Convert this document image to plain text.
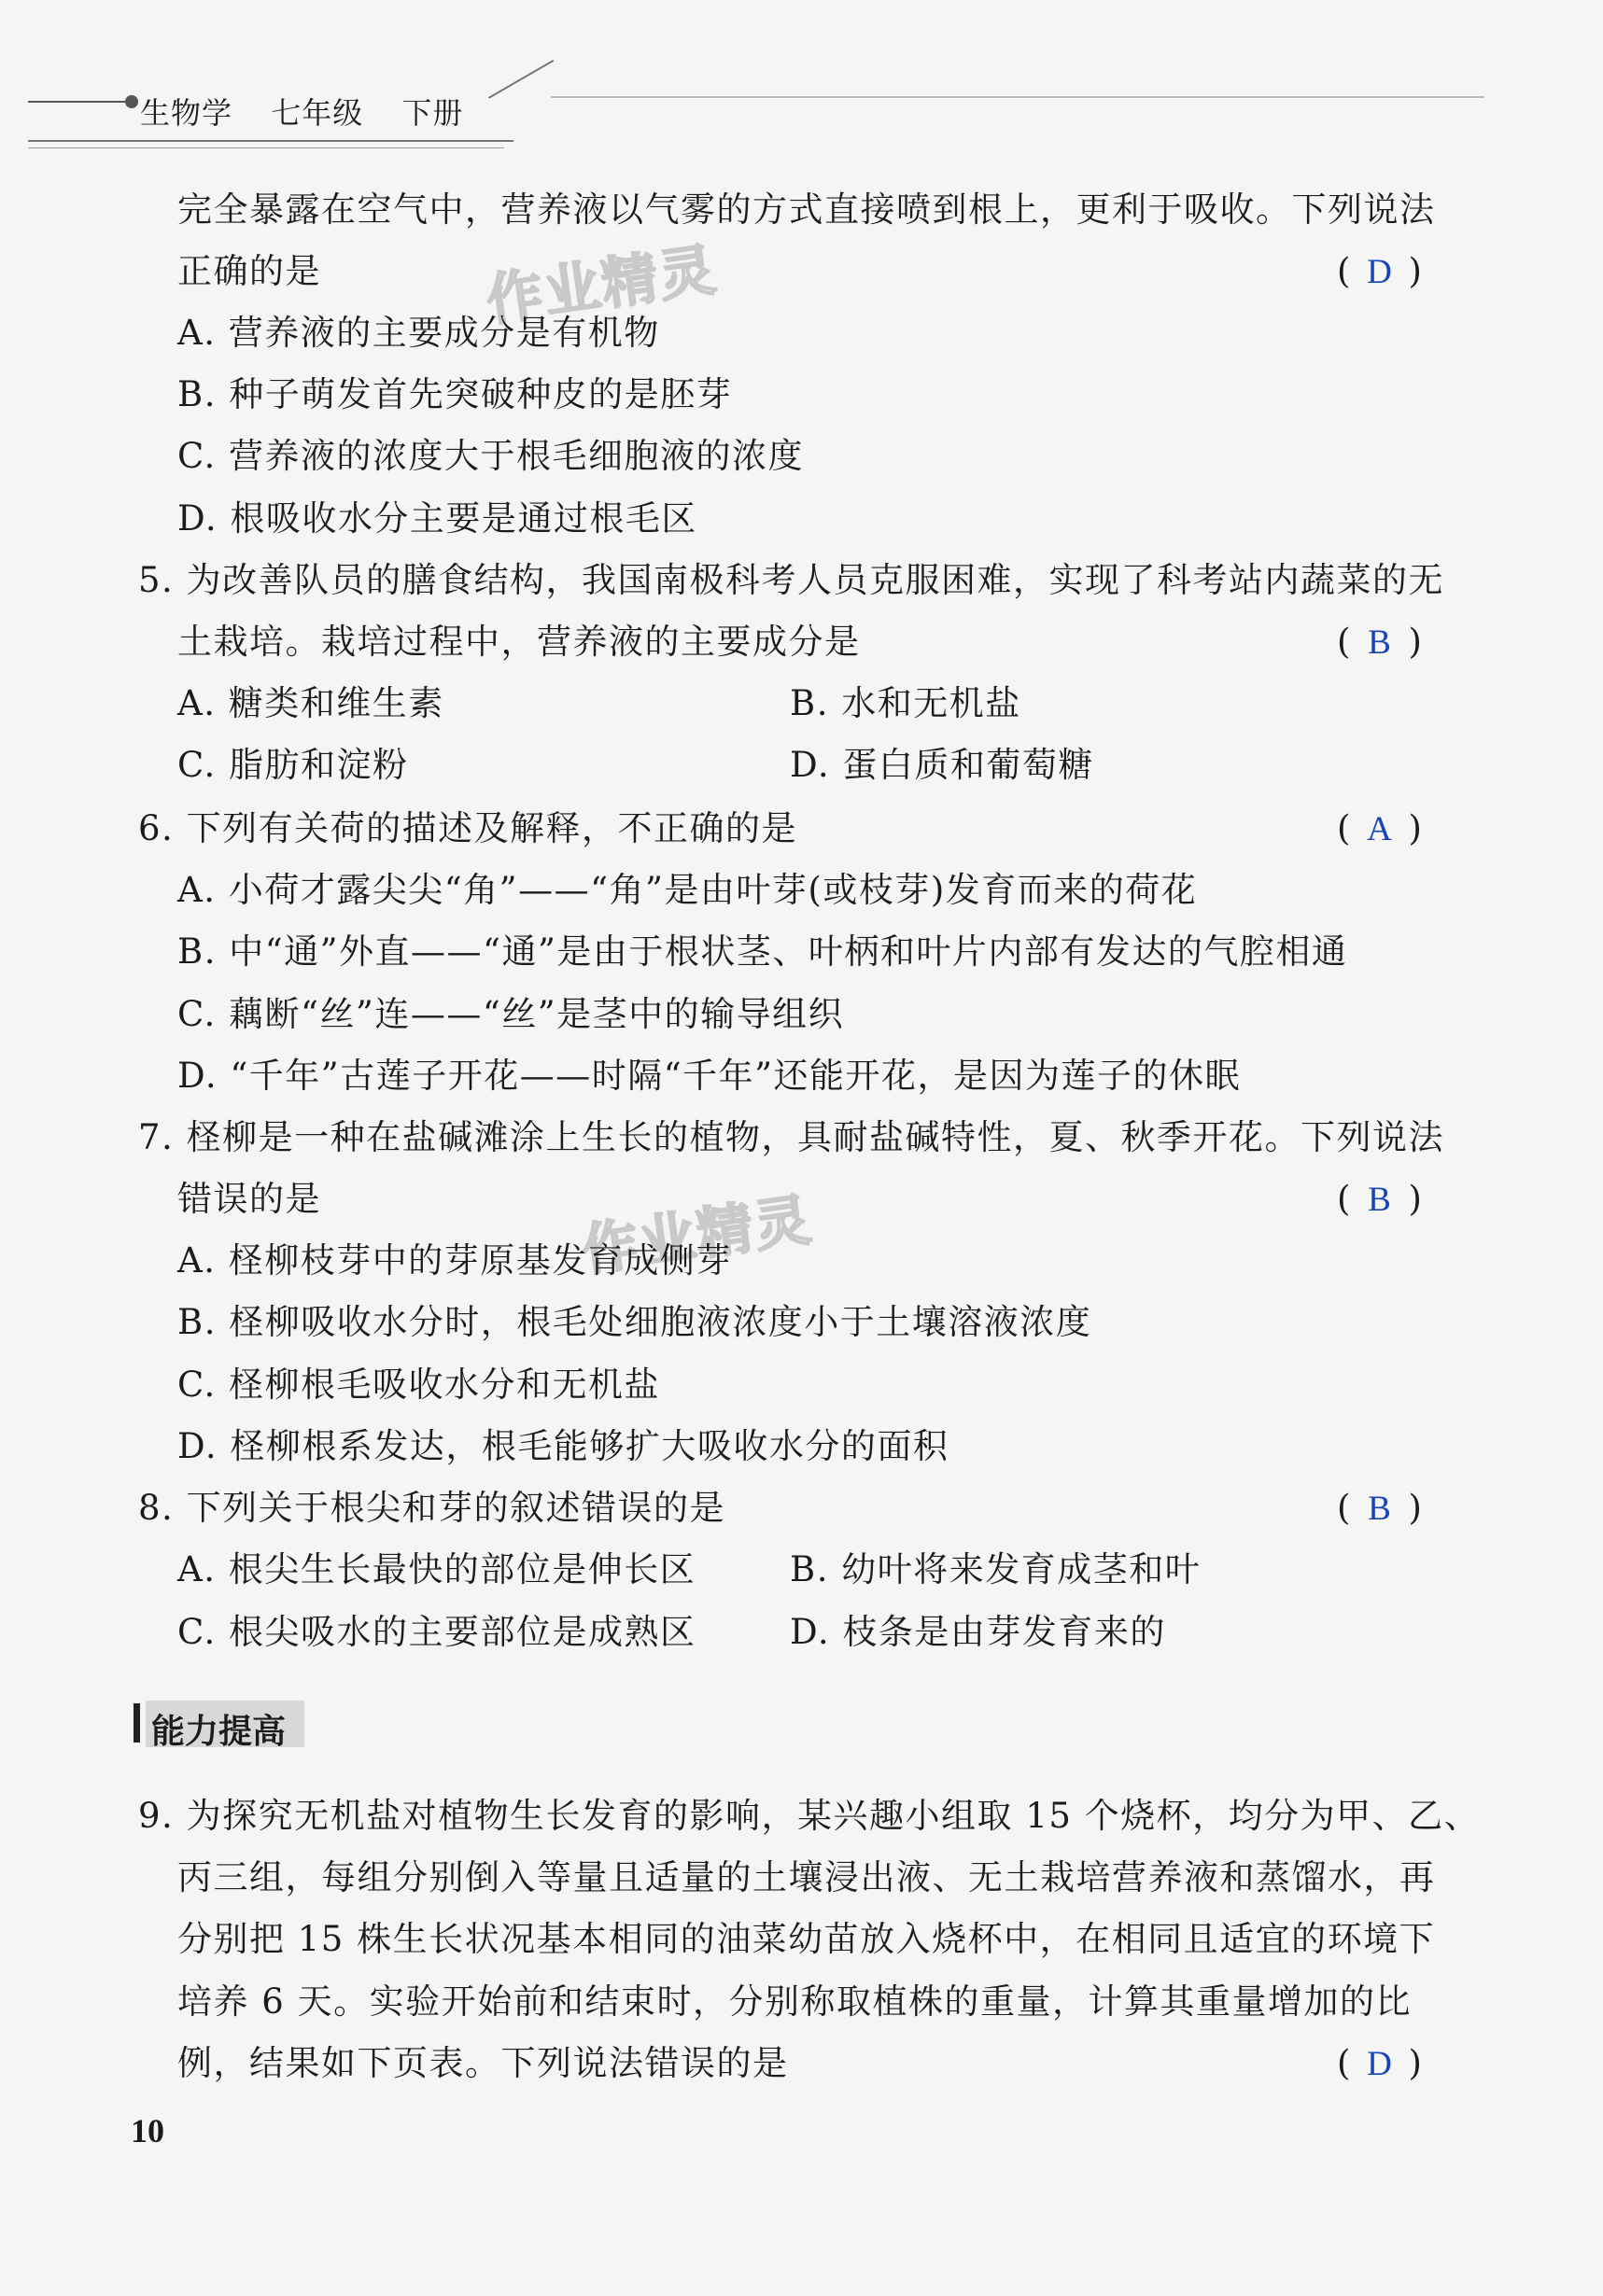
生物学 七年级 下册
作业精灵
作业精灵
完全暴露在空气中，营养液以气雾的方式直接喷到根上，更利于吸收。下列说法
正确的是	( D )
A. 营养液的主要成分是有机物
B. 种子萌发首先突破种皮的是胚芽
C. 营养液的浓度大于根毛细胞液的浓度
D. 根吸收水分主要是通过根毛区
5. 为改善队员的膳食结构，我国南极科考人员克服困难，实现了科考站内蔬菜的无
土栽培。栽培过程中，营养液的主要成分是	( B )
A. 糖类和维生素	B. 水和无机盐
C. 脂肪和淀粉	D. 蛋白质和葡萄糖
6. 下列有关荷的描述及解释，不正确的是	( A )
A. 小荷才露尖尖“角”——“角”是由叶芽(或枝芽)发育而来的荷花
B. 中“通”外直——“通”是由于根状茎、叶柄和叶片内部有发达的气腔相通
C. 藕断“丝”连——“丝”是茎中的输导组织
D. “千年”古莲子开花——时隔“千年”还能开花，是因为莲子的休眠
7. 柽柳是一种在盐碱滩涂上生长的植物，具耐盐碱特性，夏、秋季开花。下列说法
错误的是	( B )
A. 柽柳枝芽中的芽原基发育成侧芽
B. 柽柳吸收水分时，根毛处细胞液浓度小于土壤溶液浓度
C. 柽柳根毛吸收水分和无机盐
D. 柽柳根系发达，根毛能够扩大吸收水分的面积
8. 下列关于根尖和芽的叙述错误的是	( B )
A. 根尖生长最快的部位是伸长区	B. 幼叶将来发育成茎和叶
C. 根尖吸水的主要部位是成熟区	D. 枝条是由芽发育来的
能力提高
9. 为探究无机盐对植物生长发育的影响，某兴趣小组取 15 个烧杯，均分为甲、乙、
丙三组，每组分别倒入等量且适量的土壤浸出液、无土栽培营养液和蒸馏水，再
分别把 15 株生长状况基本相同的油菜幼苗放入烧杯中，在相同且适宜的环境下
培养 6 天。实验开始前和结束时，分别称取植株的重量，计算其重量增加的比
例，结果如下页表。下列说法错误的是	( D )
10
